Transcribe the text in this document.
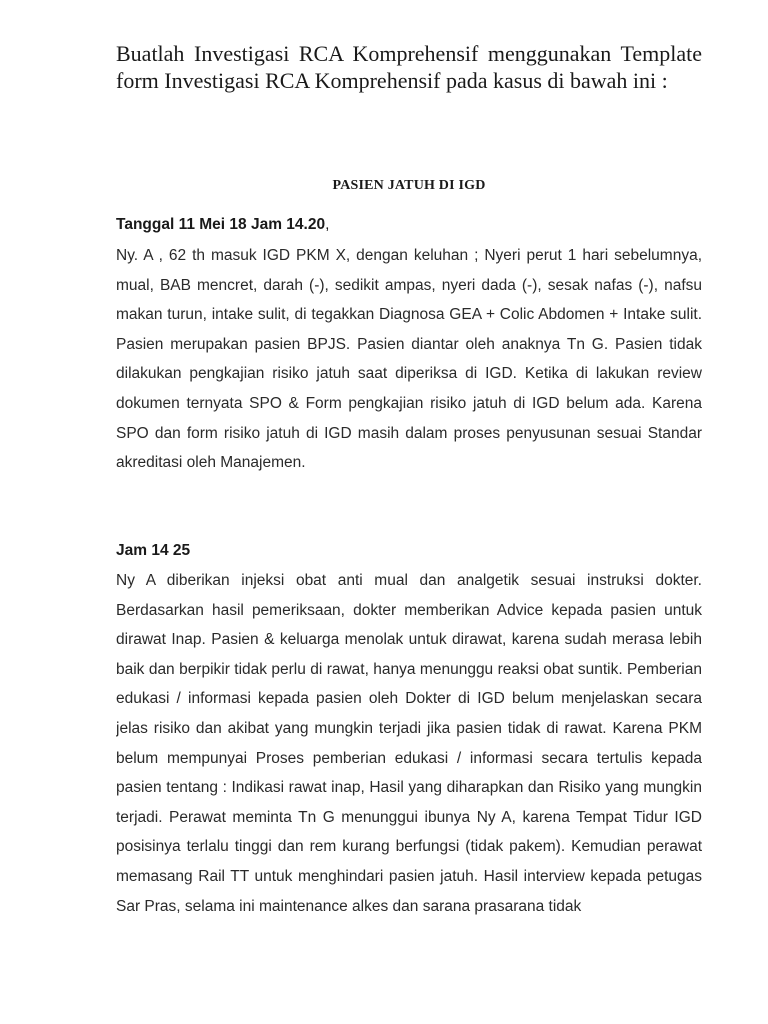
Buatlah Investigasi RCA Komprehensif menggunakan Template form Investigasi RCA Komprehensif pada kasus di bawah ini :

PASIEN JATUH DI IGD

Tanggal 11 Mei 18 Jam 14.20,

Ny. A , 62 th masuk IGD PKM X, dengan keluhan ; Nyeri perut 1 hari sebelumnya, mual, BAB mencret, darah (-), sedikit ampas, nyeri dada (-), sesak nafas (-), nafsu makan turun, intake sulit, di tegakkan Diagnosa GEA + Colic Abdomen + Intake sulit. Pasien merupakan pasien BPJS. Pasien diantar oleh anaknya Tn G. Pasien tidak dilakukan pengkajian risiko jatuh saat diperiksa di IGD. Ketika di lakukan review dokumen ternyata SPO & Form pengkajian risiko jatuh di IGD belum ada. Karena SPO dan form risiko jatuh di IGD masih dalam proses penyusunan sesuai Standar akreditasi oleh Manajemen.

Jam 14 25

Ny A diberikan injeksi obat anti mual dan analgetik sesuai instruksi dokter. Berdasarkan hasil pemeriksaan, dokter memberikan Advice kepada pasien untuk dirawat Inap. Pasien & keluarga menolak untuk dirawat, karena sudah merasa lebih baik dan berpikir tidak perlu di rawat, hanya menunggu reaksi obat suntik. Pemberian edukasi / informasi kepada pasien oleh Dokter di IGD belum menjelaskan secara jelas risiko dan akibat yang mungkin terjadi jika pasien tidak di rawat. Karena PKM belum mempunyai Proses pemberian edukasi / informasi secara tertulis kepada pasien tentang : Indikasi rawat inap, Hasil yang diharapkan dan Risiko yang mungkin terjadi. Perawat meminta Tn G menunggui ibunya Ny A, karena Tempat Tidur IGD posisinya terlalu tinggi dan rem kurang berfungsi (tidak pakem). Kemudian perawat memasang Rail TT untuk menghindari pasien jatuh. Hasil interview kepada petugas Sar Pras, selama ini maintenance alkes dan sarana prasarana tidak
